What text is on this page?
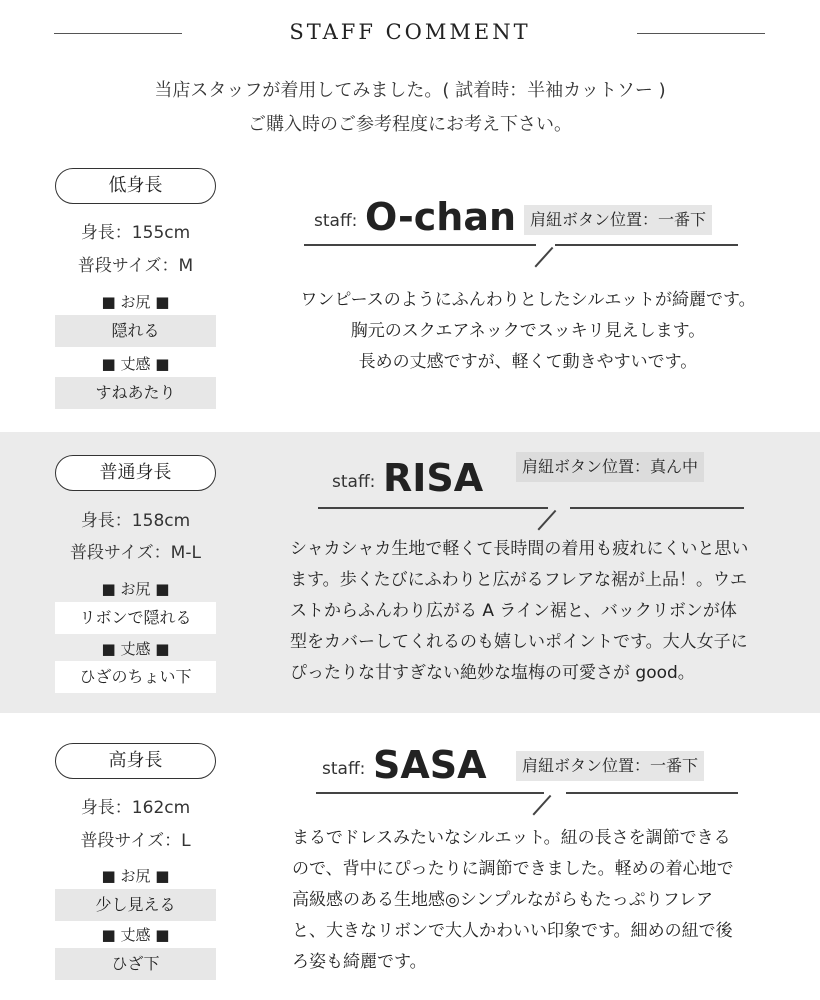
STAFF COMMENT
当店スタッフが着用してみました。( 試着時：半袖カットソー )
ご購入時のご参考程度にお考え下さい。
低身長
身長：155cm
普段サイズ：M
■ お尻 ■
隠れる
■ 丈感 ■
すねあたり
staff: O-chan 肩紐ボタン位置：一番下
ワンピースのようにふんわりとしたシルエットが綺麗です。
胸元のスクエアネックでスッキリ見えします。
長めの丈感ですが、軽くて動きやすいです。
普通身長
身長：158cm
普段サイズ：M-L
■ お尻 ■
リボンで隠れる
■ 丈感 ■
ひざのちょい下
staff: RISA	肩紐ボタン位置：真ん中
シャカシャカ生地で軽くて長時間の着用も疲れにくいと思い
ます。歩くたびにふわりと広がるフレアな裾が上品！。ウエ
ストからふんわり広がる A ライン裾と、バックリボンが体
型をカバーしてくれるのも嬉しいポイントです。大人女子に
ぴったりな甘すぎない絶妙な塩梅の可愛さが good。
高身長
身長：162cm
普段サイズ：L
■ お尻 ■
少し見える
■ 丈感 ■
ひざ下
staff: SASA	肩紐ボタン位置：一番下
まるでドレスみたいなシルエット。紐の長さを調節できる
ので、背中にぴったりに調節できました。軽めの着心地で
高級感のある生地感◎シンプルながらもたっぷりフレア
と、大きなリボンで大人かわいい印象です。細めの紐で後
ろ姿も綺麗です。
